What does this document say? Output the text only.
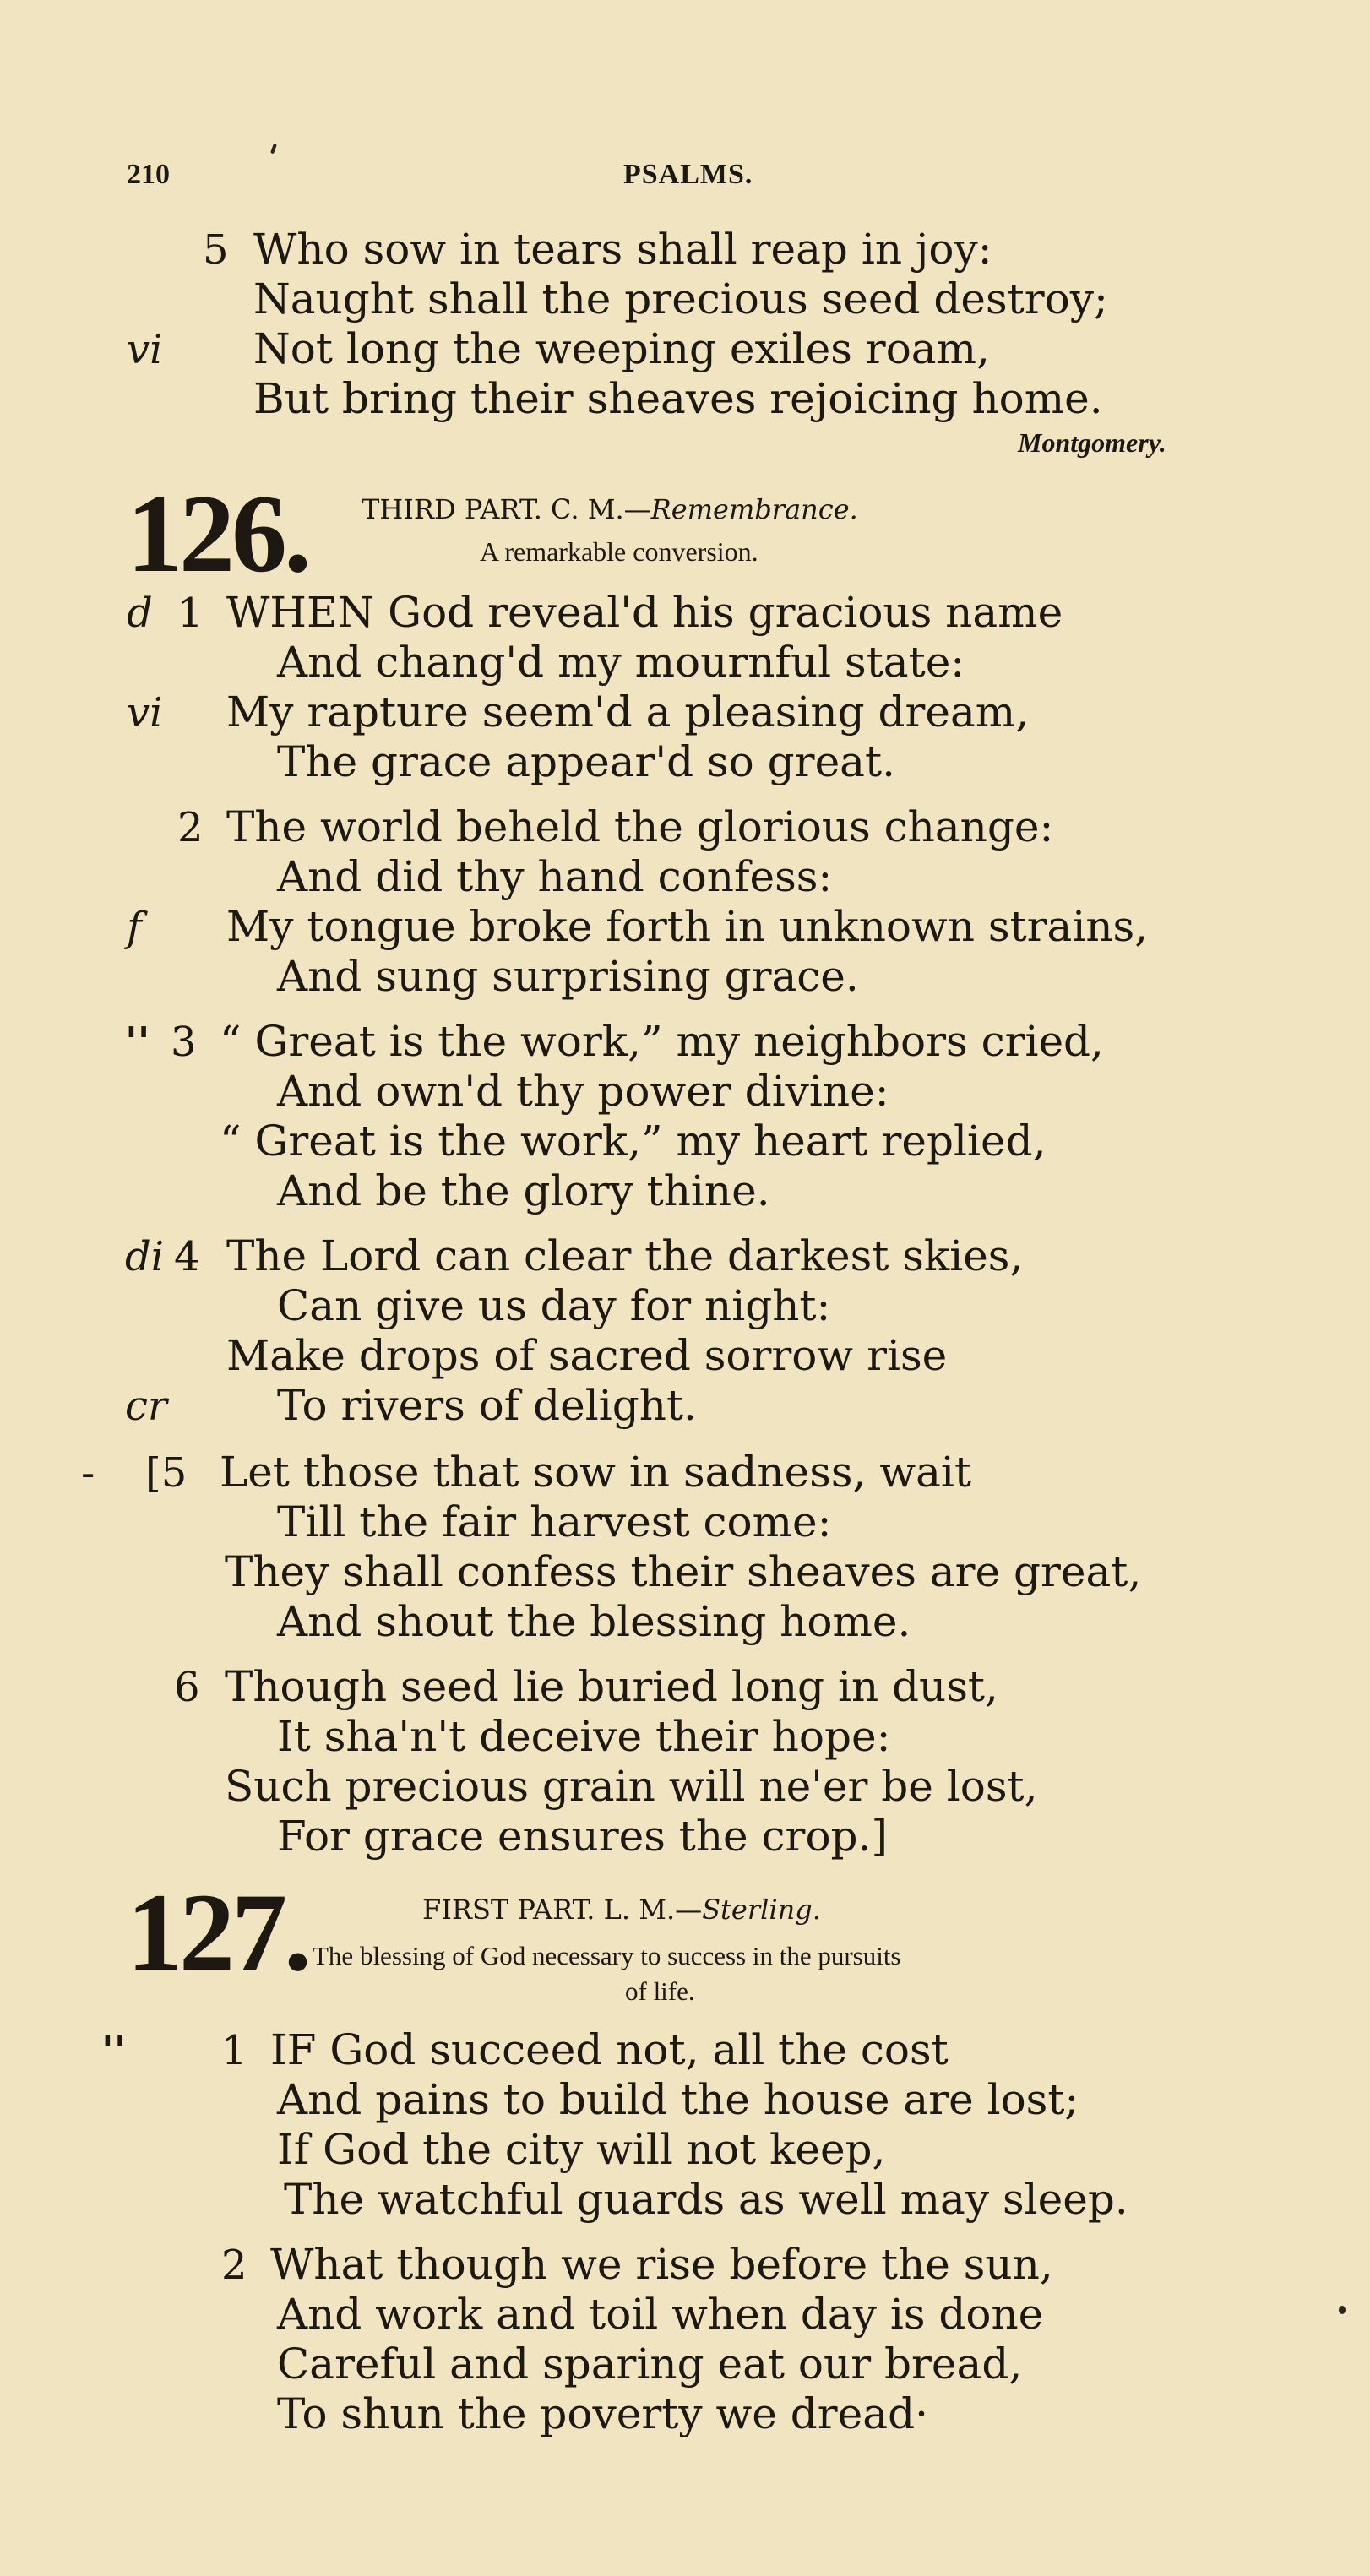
210	PSALMS.
5 Who sow in tears shall reap in joy:
Naught shall the precious seed destroy;
vi Not long the weeping exiles roam,
But bring their sheaves rejoicing home.
Montgomery.
126. THIRD PART. C. M.—Remembrance.
A remarkable conversion.
d 1 WHEN God reveal'd his gracious name
And chang'd my mournful state:
vi My rapture seem'd a pleasing dream,
The grace appear'd so great.
2 The world beheld the glorious change:
And did thy hand confess:
f My tongue broke forth in unknown strains,
And sung surprising grace.
'' 3 “ Great is the work,” my neighbors cried,
And own'd thy power divine:
“ Great is the work,” my heart replied,
And be the glory thine.
di 4 The Lord can clear the darkest skies,
Can give us day for night:
Make drops of sacred sorrow rise
cr	To rivers of delight.
- [5 Let those that sow in sadness, wait
Till the fair harvest come:
They shall confess their sheaves are great,
And shout the blessing home.
6 Though seed lie buried long in dust,
It sha'n't deceive their hope:
Such precious grain will ne'er be lost,
For grace ensures the crop.]
127.	FIRST PART. L. M.—Sterling.
The blessing of God necessary to success in the pursuits
of life.
'' 1 IF God succeed not, all the cost
And pains to build the house are lost;
If God the city will not keep,
The watchful guards as well may sleep.
2 What though we rise before the sun,
And work and toil when day is done
Careful and sparing eat our bread,
To shun the poverty we dread·
